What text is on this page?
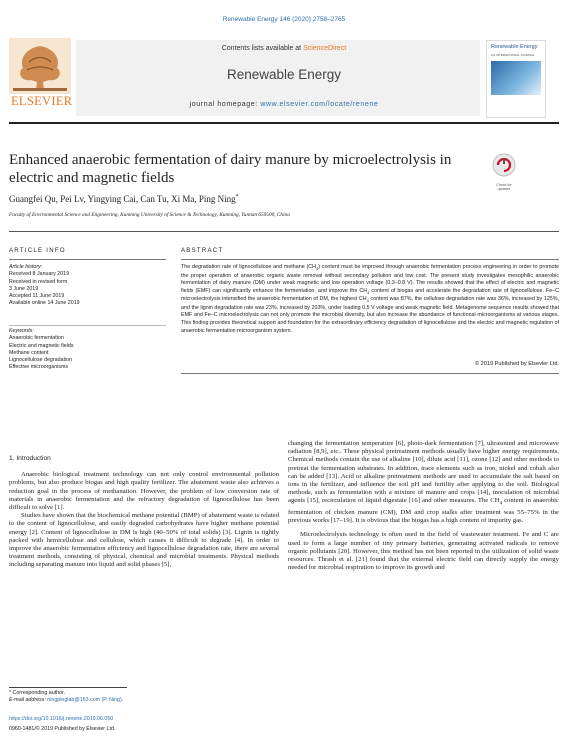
Renewable Energy 146 (2020) 2758–2765
ELSEVIER
Contents lists available at ScienceDirect
Renewable Energy
journal homepage: www.elsevier.com/locate/renene
Renewable Energy
AN INTERNATIONAL JOURNAL
Enhanced anaerobic fermentation of dairy manure by microelectrolysis in electric and magnetic fields	Check for updates
Guangfei Qu, Pei Lv, Yingying Cai, Can Tu, Xi Ma, Ping Ning*
Faculty of Environmental Science and Engineering, Kunming University of Science & Technology, Kunming, Yunnan 650500, China
ARTICLE INFO	ABSTRACT
Article history:
Received 8 January 2019
Received in revised form
3 June 2019
Accepted 11 June 2019
Available online 14 June 2019
Keywords:
Anaerobic fermentation
Electric and magnetic fields
Methane content
Lignocellulose degradation
Effective microorganisms
The degradation rate of lignocellulose and methane $(CH_4)$ content must be improved through anaerobic fermentation process engineering in order to promote the proper operation of anaerobic organic waste removal without secondary pollution and low cost. The present study investigates mesophilic anaerobic fermentation of dairy manure (DM) under weak magnetic and low operation voltage (0.3–0.8 V). The results showed that the effect of electric and magnetic fields (EMF) can significantly enhance the fermentation, and improve the $CH_4$ content of biogas and accelerate the degradation rate of lignocellulose. Fe–C microelectrolysis intensified the anaerobic fermentation of DM, the highest $CH_4$ content was 87%, the cellulose degradation rate was 36%, increased by 125%, and the lignin degradation rate was 23%, increased by 203%, under loading 0.5 V voltage and weak magnetic field. Metagenome sequence results showed that EMF and Fe–C microelectrolysis can not only promote the microbial diversity, but also increase the abundance of functional microorganisms at various stages. This finding provides theoretical support and foundation for the extraordinary efficiency degradation of lignocellulose and the electric and magnetic regulation of anaerobic fermentation microorganism system.
© 2019 Published by Elsevier Ltd.
1. Introduction

Anaerobic biological treatment technology can not only control environmental pollution problems, but also produce biogas and high quality fertilizer. The abatement waste also achieves a reduction goal in the process of methanation. However, the problem of low conversion rate of materials in anaerobic fermentation and the refractory degradation of lignocellulose has been difficult to solve [1].

Studies have shown that the biochemical methane potential (BMP) of abatement waste is related to the content of lignocellulose, and easily degraded carbohydrates have higher methane potential energy [2]. Content of lignocellulose in DM is high (40–50% of total solids) [3]. Lignin is tightly packed with hemicellulose and cellulose, which causes it difficult to degrade [4]. In order to improve the anaerobic fermentation efficiency and lignocellulose degradation rate, there are several treatment methods, consisting of physical, chemical and microbial treatments. Physical methods including separating manure into liquid and solid phases [5],

changing the fermentation temperature [6], photo-dark fermentation [7], ultrasound and microwave radiation [8,9], etc.. These physical pretreatment methods usually have higher energy requirements. Chemical methods contain the use of alkaline [10], dilute acid [11], ozone [12] and other methods to pretreat the fermentation substrates. In addition, trace elements such as iron, nickel and cobalt also can be added [13]. Acid or alkaline pretreatment methods are used to accumulate the salt based on ions in the fertilizer, and influence the soil pH and fertility after applying to the soil. Biological methods, such as fermentation with a mixture of manure and crops [14], inoculation of microbial agents [15], recirculation of liquid digestate [16] and other measures. The $CH_4$ content in anaerobic fermentation of chicken manure (CM), DM and crop stalks after treatment was 55–75% in the previous works [17–19]. It is obvious that the biogas has a high content of impurity gas.

Microelectrolysis technology is often used in the field of wastewater treatment. Fe and C are used to form a large number of tiny primary batteries, generating activated radicals to remove organic pollutants [20]. However, this method has not been reported in the utilization of solid waste resources. Thrash et al. [21] found that the external electric field can directly supply the energy needed for microbial respiration to improve its growth and

* Corresponding author.
E-mail address: ningpinglab@163.com (P. Ning).
https://doi.org/10.1016/j.renene.2019.06.050
0960-1481/© 2019 Published by Elsevier Ltd.
